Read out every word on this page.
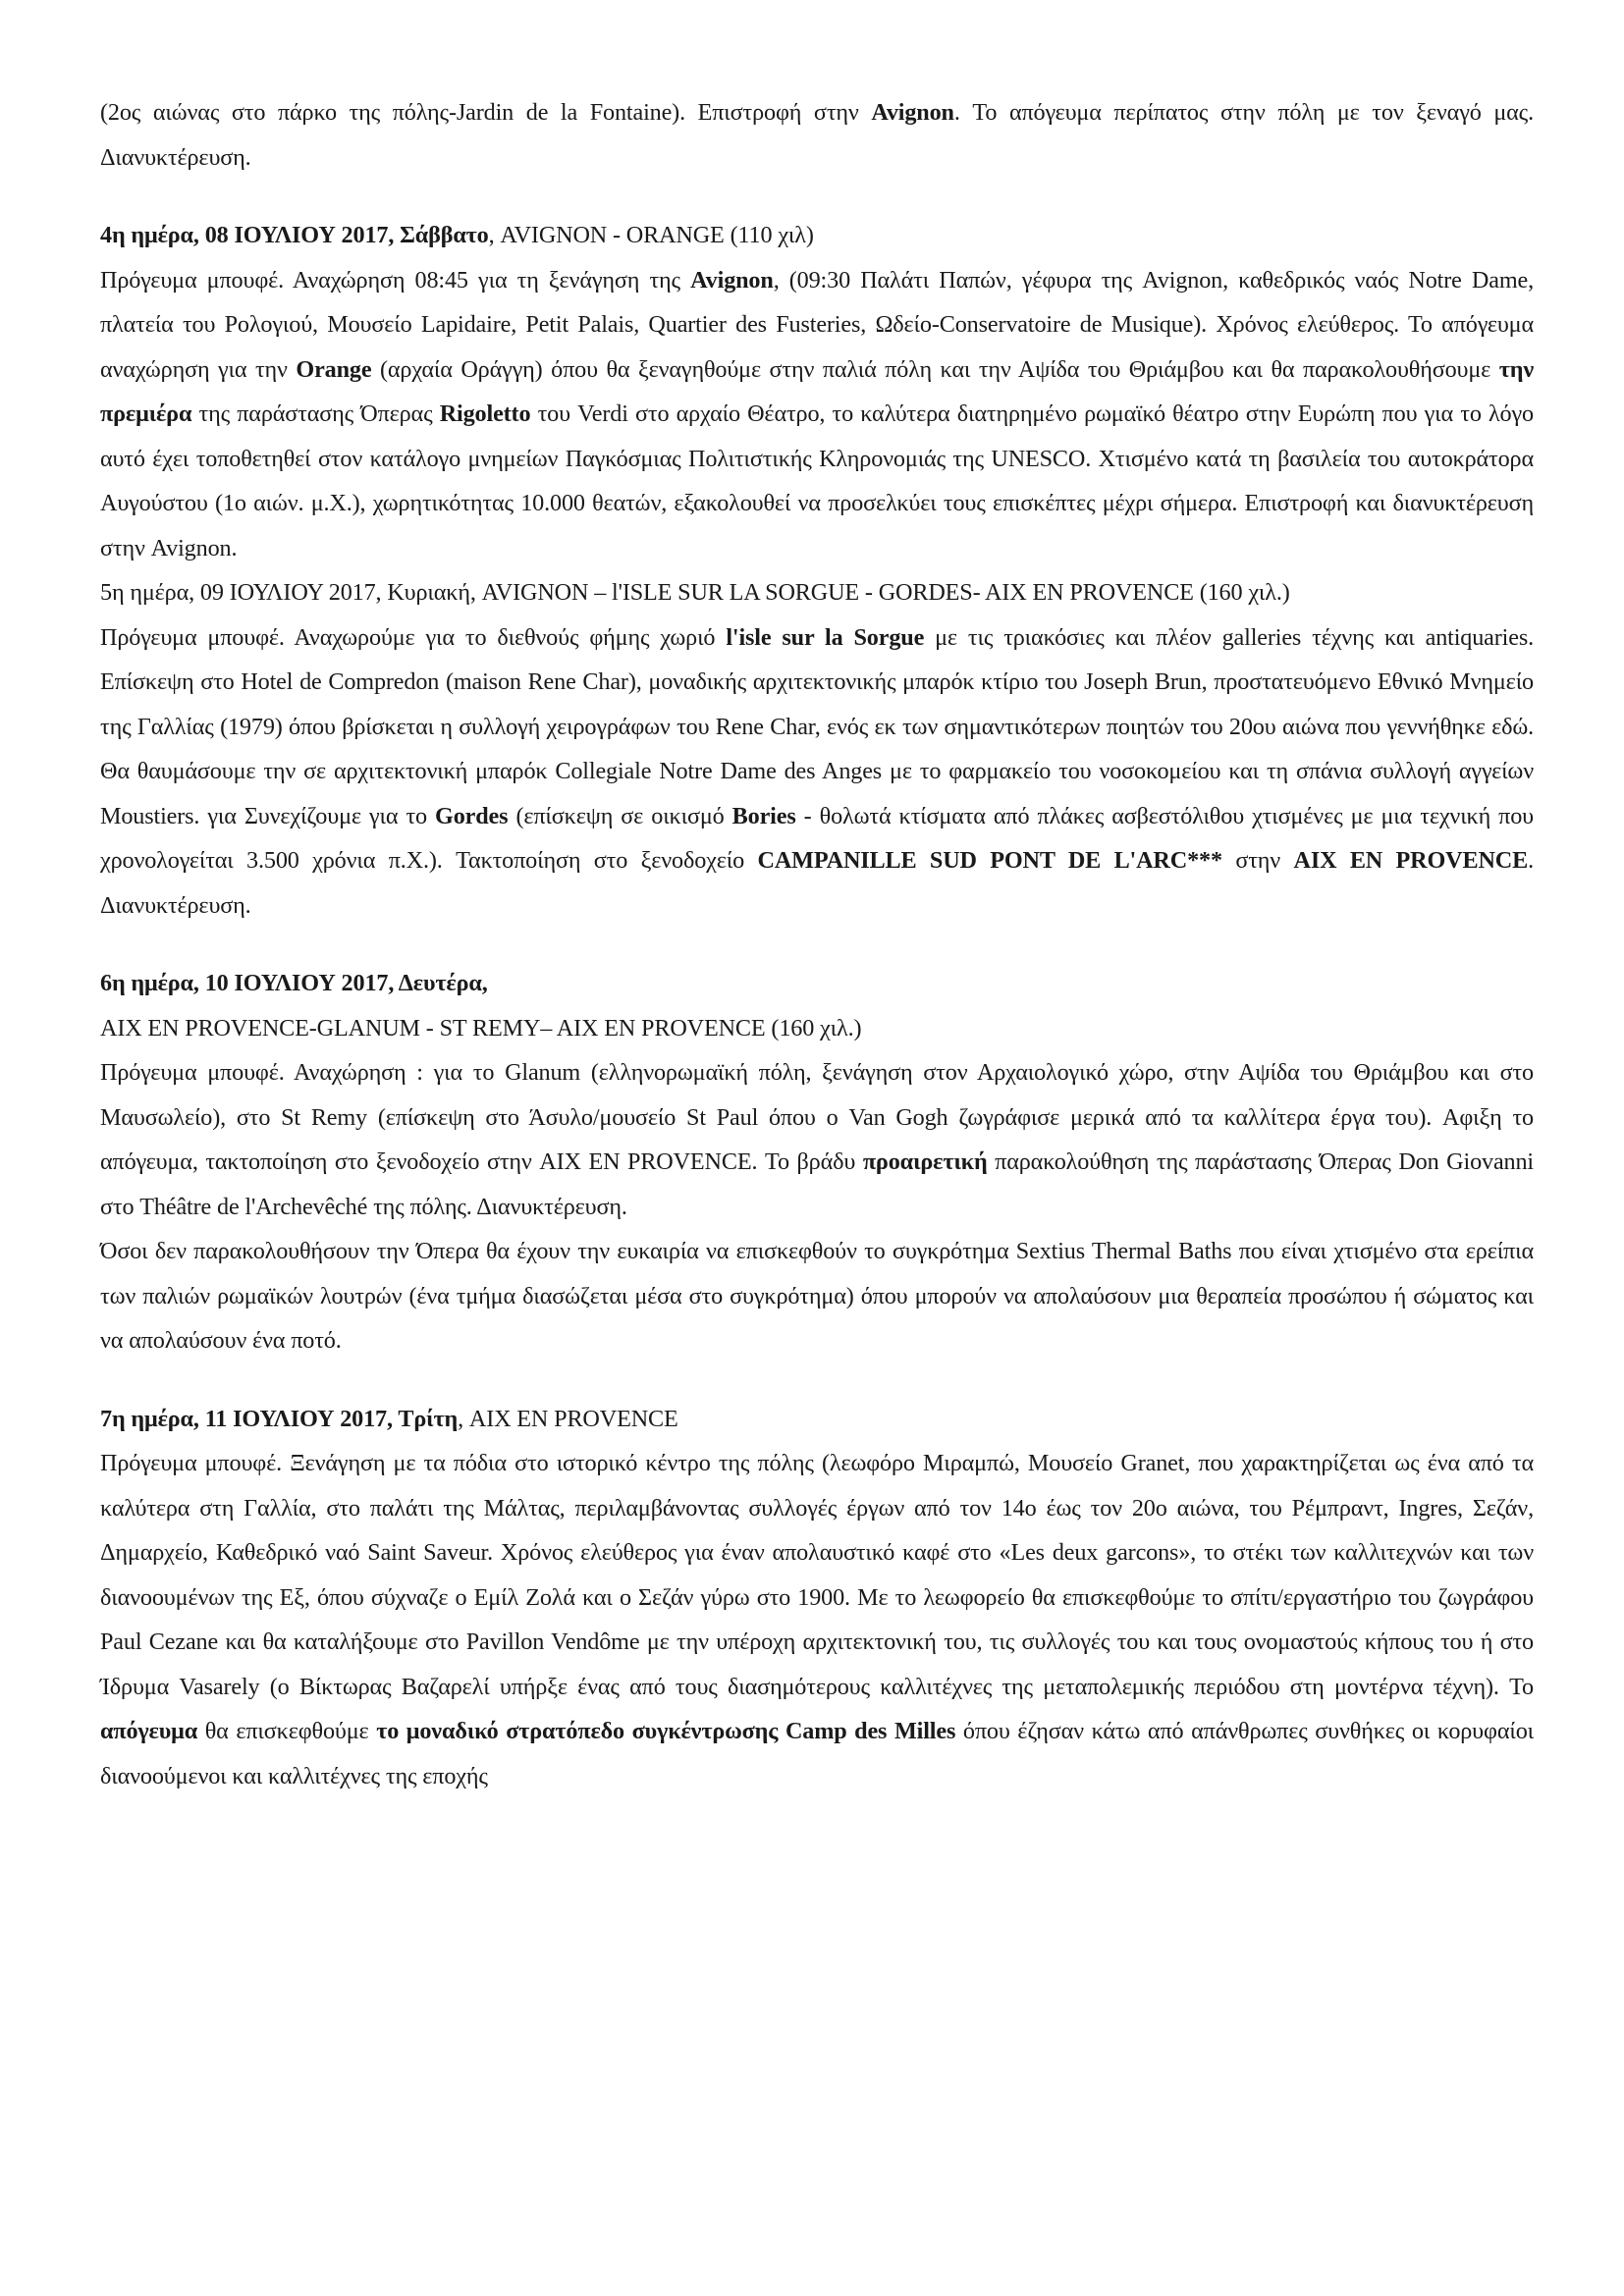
(2ος αιώνας στο πάρκο της πόλης-Jardin de la Fontaine). Επιστροφή στην Avignon. Το απόγευμα περίπατος στην πόλη με τον ξεναγό μας. Διανυκτέρευση.

4η ημέρα, 08 ΙΟΥΛΙΟΥ 2017, Σάββατο, AVIGNON - ORANGE (110 χιλ)

Πρόγευμα μπουφέ. Αναχώρηση 08:45 για τη ξενάγηση της Avignon, (09:30 Παλάτι Παπών, γέφυρα της Avignon, καθεδρικός ναός Notre Dame, πλατεία του Ρολογιού, Μουσείο Lapidaire, Petit Palais, Quartier des Fusteries, Ωδείο-Conservatoire de Musique). Χρόνος ελεύθερος. Το απόγευμα αναχώρηση για την Orange (αρχαία Οράγγη) όπου θα ξεναγηθούμε στην παλιά πόλη και την Αψίδα του Θριάμβου και θα παρακολουθήσουμε την πρεμιέρα της παράστασης Όπερας Rigoletto του Verdi στο αρχαίο Θέατρο, το καλύτερα διατηρημένο ρωμαϊκό θέατρο στην Ευρώπη που για το λόγο αυτό έχει τοποθετηθεί στον κατάλογο μνημείων Παγκόσμιας Πολιτιστικής Κληρονομιάς της UNESCO. Χτισμένο κατά τη βασιλεία του αυτοκράτορα Αυγούστου (1ο αιών. μ.Χ.), χωρητικότητας 10.000 θεατών, εξακολουθεί να προσελκύει τους επισκέπτες μέχρι σήμερα. Επιστροφή και διανυκτέρευση στην Avignon.

5η ημέρα, 09 ΙΟΥΛΙΟΥ 2017, Κυριακή, AVIGNON – l'ISLE SUR LA SORGUE - GORDES- AIX EN PROVENCE (160 χιλ.)

Πρόγευμα μπουφέ. Αναχωρούμε για το διεθνούς φήμης χωριό l'isle sur la Sorgue με τις τριακόσιες και πλέον galleries τέχνης και antiquaries. Επίσκεψη στο Hotel de Compredon (maison Rene Char), μοναδικής αρχιτεκτονικής μπαρόκ κτίριο του Joseph Brun, προστατευόμενο Εθνικό Μνημείο της Γαλλίας (1979) όπου βρίσκεται η συλλογή χειρογράφων του Rene Char, ενός εκ των σημαντικότερων ποιητών του 20ου αιώνα που γεννήθηκε εδώ. Θα θαυμάσουμε την σε αρχιτεκτονική μπαρόκ Collegiale Notre Dame des Anges με το φαρμακείο του νοσοκομείου και τη σπάνια συλλογή αγγείων Moustiers. για Συνεχίζουμε για το Gordes (επίσκεψη σε οικισμό Bories - θολωτά κτίσματα από πλάκες ασβεστόλιθου χτισμένες με μια τεχνική που χρονολογείται 3.500 χρόνια π.Χ.). Τακτοποίηση στο ξενοδοχείο CAMPANILLE SUD PONT DE L'ARC*** στην AIX EN PROVENCE. Διανυκτέρευση.

6η ημέρα, 10 ΙΟΥΛΙΟΥ 2017, Δευτέρα,

AIX EN PROVENCE-GLANUM - ST REMY– AIX EN PROVENCE (160 χιλ.)

Πρόγευμα μπουφέ. Αναχώρηση : για το Glanum (ελληνορωμαϊκή πόλη, ξενάγηση στον Αρχαιολογικό χώρο, στην Αψίδα του Θριάμβου και στο Μαυσωλείο), στο St Remy (επίσκεψη στο Άσυλο/μουσείο St Paul όπου ο Van Gogh ζωγράφισε μερικά από τα καλλίτερα έργα του). Αφιξη το απόγευμα, τακτοποίηση στο ξενοδοχείο στην AIX EN PROVENCE. Το βράδυ προαιρετική παρακολούθηση της παράστασης Όπερας Don Giovanni στο Théâtre de l'Archevêché της πόλης. Διανυκτέρευση.

Όσοι δεν παρακολουθήσουν την Όπερα θα έχουν την ευκαιρία να επισκεφθούν το συγκρότημα Sextius Thermal Baths που είναι χτισμένο στα ερείπια των παλιών ρωμαϊκών λουτρών (ένα τμήμα διασώζεται μέσα στο συγκρότημα) όπου μπορούν να απολαύσουν μια θεραπεία προσώπου ή σώματος και να απολαύσουν ένα ποτό.

7η ημέρα, 11 ΙΟΥΛΙΟΥ 2017, Τρίτη, AIX EN PROVENCE

Πρόγευμα μπουφέ. Ξενάγηση με τα πόδια στο ιστορικό κέντρο της πόλης (λεωφόρο Μιραμπώ, Μουσείο Granet, που χαρακτηρίζεται ως ένα από τα καλύτερα στη Γαλλία, στο παλάτι της Μάλτας, περιλαμβάνοντας συλλογές έργων από τον 14ο έως τον 20ο αιώνα, του Ρέμπραντ, Ingres, Σεζάν, Δημαρχείο, Καθεδρικό ναό Saint Saveur. Χρόνος ελεύθερος για έναν απολαυστικό καφέ στο «Les deux garcons», το στέκι των καλλιτεχνών και των διανοουμένων της Εξ, όπου σύχναζε ο Εμίλ Ζολά και ο Σεζάν γύρω στο 1900. Με το λεωφορείο θα επισκεφθούμε το σπίτι/εργαστήριο του ζωγράφου Paul Cezane και θα καταλήξουμε στο Pavillon Vendôme με την υπέροχη αρχιτεκτονική του, τις συλλογές του και τους ονομαστούς κήπους του ή στο Ίδρυμα Vasarely (ο Βίκτωρας Βαζαρελί υπήρξε ένας από τους διασημότερους καλλιτέχνες της μεταπολεμικής περιόδου στη μοντέρνα τέχνη). Το απόγευμα θα επισκεφθούμε το μοναδικό στρατόπεδο συγκέντρωσης Camp des Milles όπου έζησαν κάτω από απάνθρωπες συνθήκες οι κορυφαίοι διανοούμενοι και καλλιτέχνες της εποχής
